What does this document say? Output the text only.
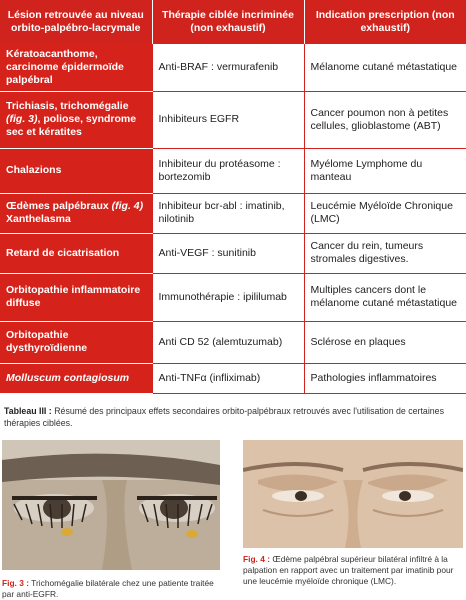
Lésion retrouvée au niveau orbito-palpébro-lacrymale	Thérapie ciblée incriminée (non exhaustif)	Indication prescription (non exhaustif)
Kératoacanthome, carcinome épidermoïde palpébral	Anti-BRAF : vermurafenib	Mélanome cutané métastatique
Trichiasis, trichomégalie (fig. 3), poliose, syndrome sec et kératites	Inhibiteurs EGFR	Cancer poumon non à petites cellules, glioblastome (ABT)
Chalazions	Inhibiteur du protéasome : bortezomib	Myélome Lymphome du manteau
Œdèmes palpébraux (fig. 4) Xanthelasma	Inhibiteur bcr-abl : imatinib, nilotinib	Leucémie Myéloïde Chronique (LMC)
Retard de cicatrisation	Anti-VEGF : sunitinib	Cancer du rein, tumeurs stromales digestives.
Orbitopathie inflammatoire diffuse	Immunothérapie : ipililumab	Multiples cancers dont le mélanome cutané métastatique
Orbitopathie dysthyroïdienne	Anti CD 52 (alemtuzumab)	Sclérose en plaques
Molluscum contagiosum	Anti-TNFα (infliximab)	Pathologies inflammatoires
Tableau III : Résumé des principaux effets secondaires orbito-palpébraux retrouvés avec l'utilisation de certaines thérapies ciblées.
Fig. 3 : Trichomégalie bilatérale chez une patiente traitée par anti-EGFR.
Fig. 4 : Œdème palpébral supérieur bilatéral infiltré à la palpation en rapport avec un traitement par imatinib pour une leucémie myéloïde chronique (LMC).
